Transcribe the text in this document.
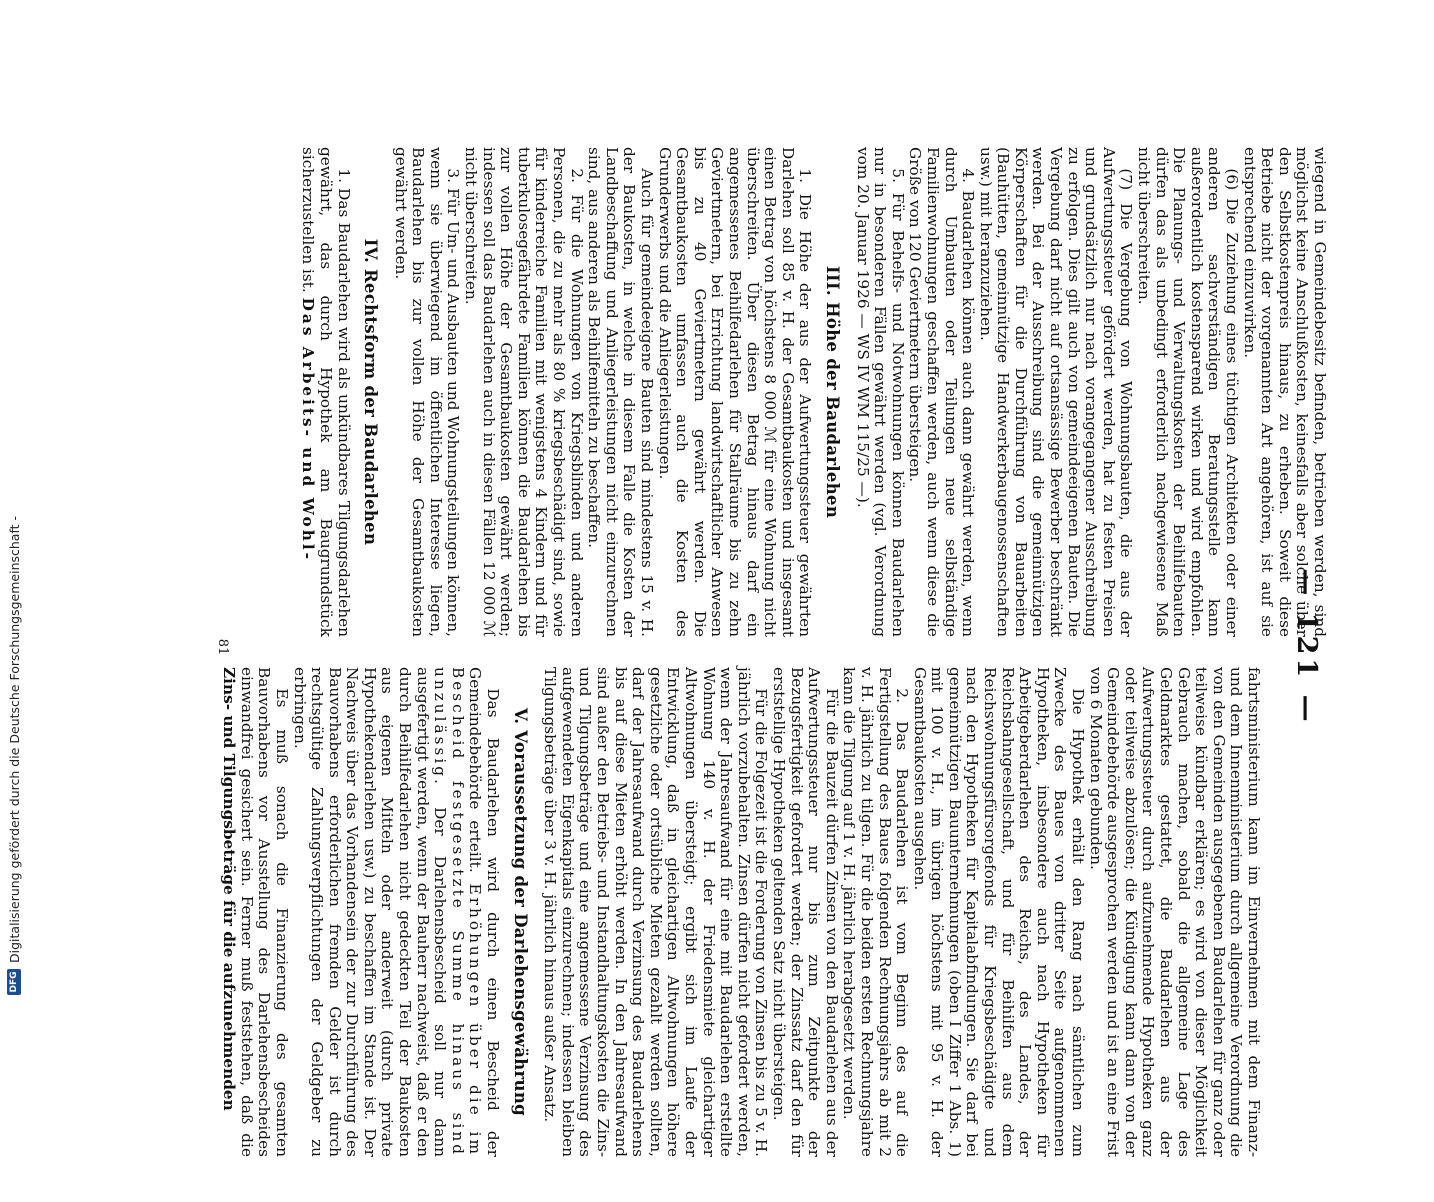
— 121 —

wiegend in Gemeindebesitz befinden, betrieben werden, sind möglichst keine Anschlußkosten, keinesfalls aber solche über den Selbstkostenpreis hinaus, zu erheben. Soweit diese Betriebe nicht der vorgenannten Art angehören, ist auf sie entsprechend einzuwirken.

(6) Die Zuziehung eines tüchtigen Architekten oder einer anderen sachverständigen Beratungsstelle kann außerordentlich kostensparend wirken und wird empfohlen. Die Planungs- und Verwaltungskosten der Beihilfebauten dürfen das als unbedingt erforderlich nachgewiesene Maß nicht überschreiten.

(7) Die Vergebung von Wohnungsbauten, die aus der Aufwertungssteuer gefördert werden, hat zu festen Preisen und grundsätzlich nur nach vorangegangener Ausschreibung zu erfolgen. Dies gilt auch von gemeindeeigenen Bauten. Die Vergebung darf nicht auf ortsansässige Bewerber beschränkt werden. Bei der Ausschreibung sind die gemeinnützigen Körperschaften für die Durchführung von Bauarbeiten (Bauhütten, gemeinnützige Handwerkerbaugenossenschaften usw.) mit heranzuziehen.

4. Baudarlehen können auch dann gewährt werden, wenn durch Umbauten oder Teilungen neue selbständige Familienwohnungen geschaffen werden, auch wenn diese die Größe von 120 Geviertmetern übersteigen.

5. Für Behelfs- und Notwohnungen können Baudarlehen nur in besonderen Fällen gewährt werden (vgl. Verordnung vom 20. Januar 1926 — WS IV WM 115/25 —).

III. Höhe der Baudarlehen

1. Die Höhe der aus der Aufwertungssteuer gewährten Darlehen soll 85 v. H. der Gesamtbaukosten und insgesamt einen Betrag von höchstens 8 000 ℳ für eine Wohnung nicht überschreiten. Über diesen Betrag hinaus darf ein angemessenes Beihilfedarlehen für Stallräume bis zu zehn Geviertmetern, bei Errichtung landwirtschaftlicher Anwesen bis zu 40 Geviertmetern gewährt werden. Die Gesamtbaukosten umfassen auch die Kosten des Grunderwerbs und die Anliegerleistungen.

Auch für gemeindeeigene Bauten sind mindestens 15 v. H. der Baukosten, in welche in diesem Falle die Kosten der Landbeschaffung und Anliegerleistungen nicht einzurechnen sind, aus anderen als Beihilfemitteln zu beschaffen.

2. Für die Wohnungen von Kriegsblinden und anderen Personen, die zu mehr als 80 % kriegsbeschädigt sind, sowie für kinderreiche Familien mit wenigstens 4 Kindern und für tuberkulosegefährdete Familien können die Baudarlehen bis zur vollen Höhe der Gesamtbaukosten gewährt werden; indessen soll das Baudarlehen auch in diesen Fällen 12 000 ℳ nicht überschreiten.

3. Für Um- und Ausbauten und Wohnungsteilungen können, wenn sie überwiegend im öffentlichen Interesse liegen, Baudarlehen bis zur vollen Höhe der Gesamtbaukosten gewährt werden.

IV. Rechtsform der Baudarlehen

1. Das Baudarlehen wird als unkündbares Tilgungsdarlehen gewährt, das durch Hypothek am Baugrundstück sicherzustellen ist. Das Arbeits- und Wohl-

fahrtsministerium kann im Einvernehmen mit dem Finanz- und dem Innenministerium durch allgemeine Verordnung die von den Gemeinden ausgegebenen Baudarlehen für ganz oder teilweise kündbar erklären; es wird von dieser Möglichkeit Gebrauch machen, sobald die allgemeine Lage des Geldmarktes gestattet, die Baudarlehen aus der Aufwertungssteuer durch aufzunehmende Hypotheken ganz oder teilweise abzulösen; die Kündigung kann dann von der Gemeindebehörde ausgesprochen werden und ist an eine Frist von 6 Monaten gebunden.

Die Hypothek erhält den Rang nach sämtlichen zum Zwecke des Baues von dritter Seite aufgenommenen Hypotheken, insbesondere auch nach Hypotheken für Arbeitgeberdarlehen des Reichs, des Landes, der Reichsbahngesellschaft, und für Beihilfen aus dem Reichswohnungsfürsorgefonds für Kriegsbeschädigte und nach den Hypotheken für Kapitalabfindungen. Sie darf bei gemeinnützigen Bauunternehmungen (oben I Ziffer 1 Abs. 1) mit 100 v. H., im übrigen höchstens mit 95 v. H. der Gesamtbaukosten ausgehen.

2. Das Baudarlehen ist vom Beginn des auf die Fertigstellung des Baues folgenden Rechnungsjahrs ab mit 2 v. H. jährlich zu tilgen. Für die beiden ersten Rechnungsjahre kann die Tilgung auf 1 v. H. jährlich herabgesetzt werden.

Für die Bauzeit dürfen Zinsen von den Baudarlehen aus der Aufwertungssteuer nur bis zum Zeitpunkte der Bezugsfertigkeit gefordert werden; der Zinssatz darf den für erststellige Hypotheken geltenden Satz nicht übersteigen.

Für die Folgezeit ist die Forderung von Zinsen bis zu 5 v. H. jährlich vorzubehalten. Zinsen dürfen nicht gefordert werden, wenn der Jahresaufwand für eine mit Baudarlehen erstellte Wohnung 140 v. H. der Friedensmiete gleichartiger Altwohnungen übersteigt; ergibt sich im Laufe der Entwicklung, daß in gleichartigen Altwohnungen höhere gesetzliche oder ortsübliche Mieten gezahlt werden sollten, darf der Jahresaufwand durch Verzinsung des Baudarlehens bis auf diese Mieten erhöht werden. In den Jahresaufwand sind außer den Betriebs- und Instandhaltungskosten die Zins- und Tilgungsbeträge und eine angemessene Verzinsung des aufgewendeten Eigenkapitals einzurechnen; indessen bleiben Tilgungsbeträge über 3 v. H. jährlich hinaus außer Ansatz.

V. Voraussetzung der Darlehensgewährung

Das Baudarlehen wird durch einen Bescheid der Gemeindebehörde erteilt. Erhöhungen über die im Bescheid festgesetzte Summe hinaus sind unzulässig. Der Darlehensbescheid soll nur dann ausgefertigt werden, wenn der Bauherr nachweist, daß er den durch Beihilfedarlehen nicht gedeckten Teil der Baukosten aus eigenen Mitteln oder anderweit (durch private Hypothekendarlehen usw.) zu beschaffen im Stande ist. Der Nachweis über das Vorhandensein der zur Durchführung des Bauvorhabens erforderlichen fremden Gelder ist durch rechtsgültige Zahlungsverpflichtungen der Geldgeber zu erbringen.

Es muß sonach die Finanzierung des gesamten Bauvorhabens vor Ausstellung des Darlehensbescheides einwandfrei gesichert sein. Ferner muß feststehen, daß die Zins- und Tilgungsbeträge für die aufzunehmenden

81
DFG
Digitalisierung gefördert durch die Deutsche Forschungsgemeinschaft -
